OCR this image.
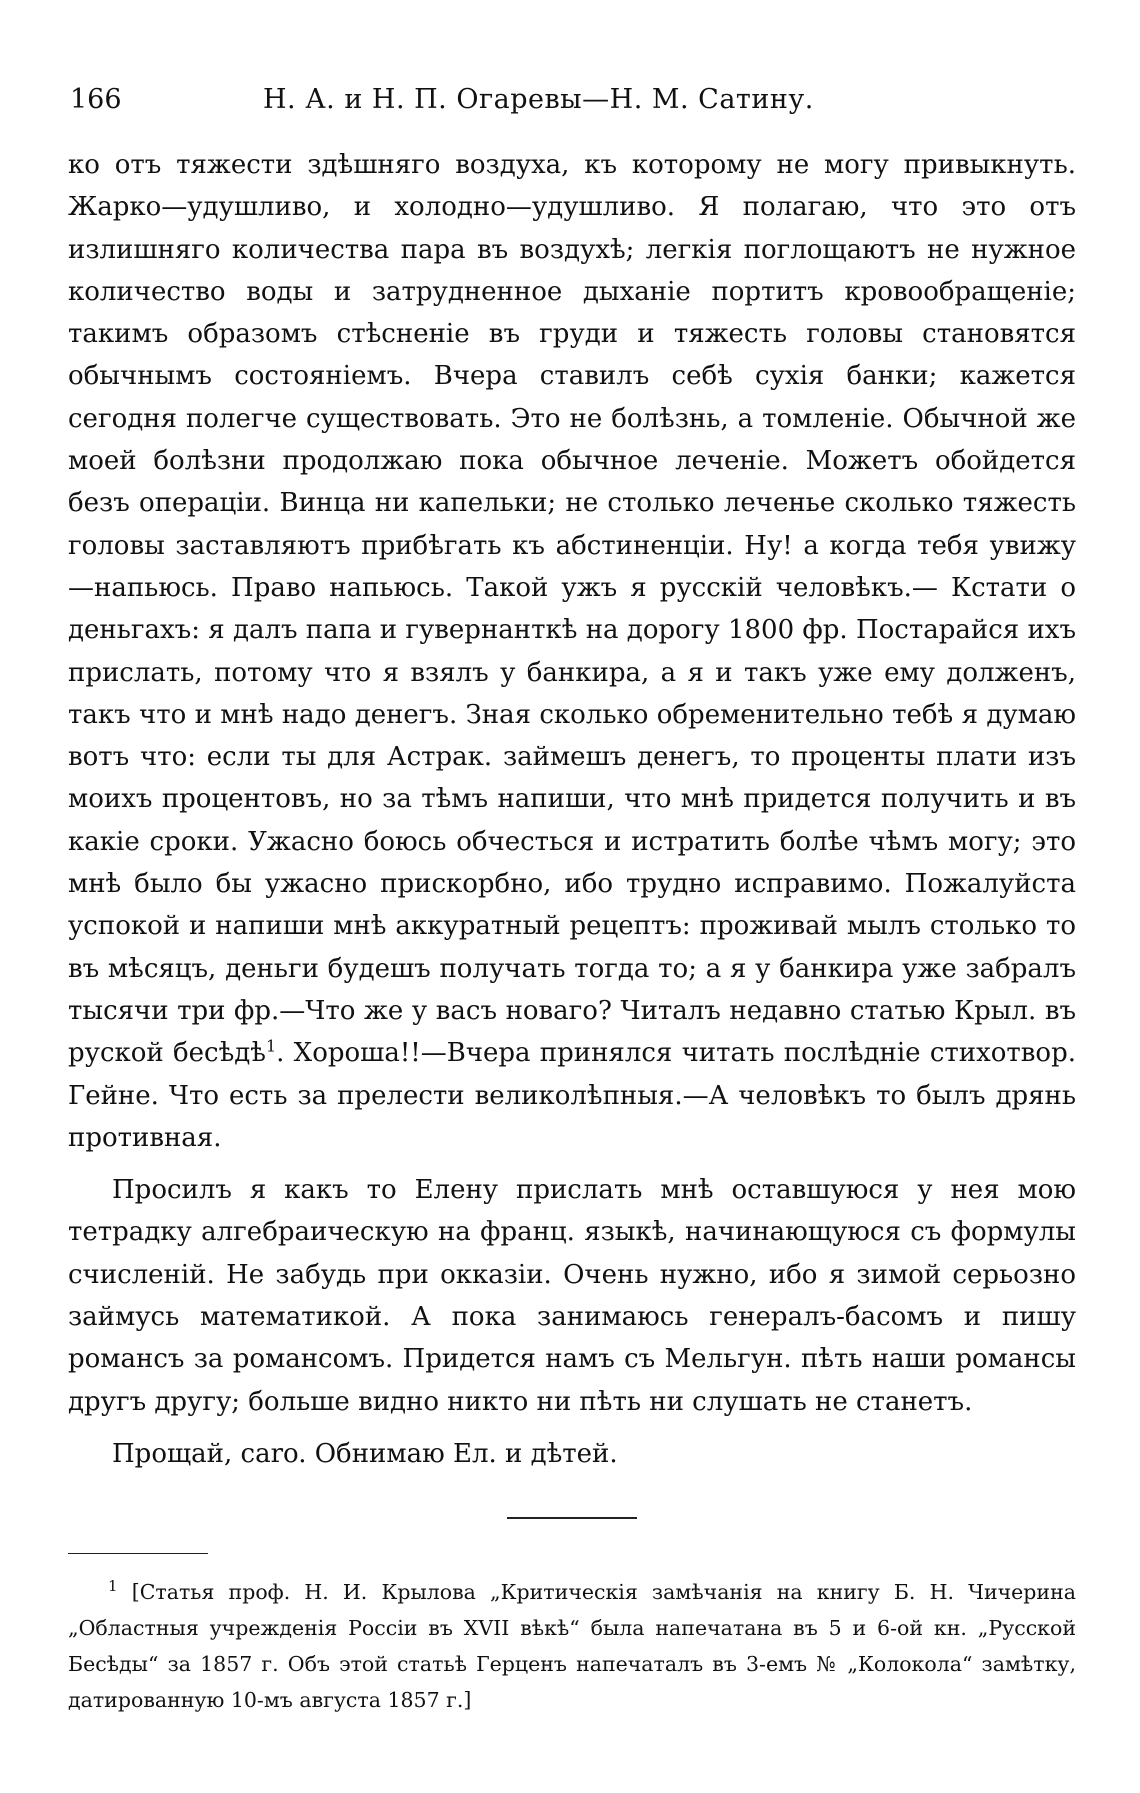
166	Н. А. и Н. П. Огаревы—Н. М. Сатину.

ко отъ тяжести здѣшняго воздуха, къ которому не могу привыкнуть. Жарко—удушливо, и холодно—удушливо. Я полагаю, что это отъ излишняго количества пара въ воздухѣ; легкія поглощаютъ не нужное количество воды и затрудненное дыханіе портитъ кровообращеніе; такимъ образомъ стѣсненіе въ груди и тяжесть головы становятся обычнымъ состояніемъ. Вчера ставилъ себѣ сухія банки; кажется сегодня полегче существовать. Это не болѣзнь, а томленіе. Обычной же моей болѣзни продолжаю пока обычное леченіе. Можетъ обойдется безъ операціи. Винца ни капельки; не столько леченье сколько тяжесть головы заставляютъ прибѣгать къ абстиненціи. Ну! а когда тебя увижу—напьюсь. Право напьюсь. Такой ужъ я русскій человѣкъ.— Кстати о деньгахъ: я далъ папа и гувернанткѣ на дорогу 1800 фр. Постарайся ихъ прислать, потому что я взялъ у банкира, а я и такъ уже ему долженъ, такъ что и мнѣ надо денегъ. Зная сколько обременительно тебѣ я думаю вотъ что: если ты для Астрак. займешъ денегъ, то проценты плати изъ моихъ процентовъ, но за тѣмъ напиши, что мнѣ придется получить и въ какіе сроки. Ужасно боюсь обчесться и истратить болѣе чѣмъ могу; это мнѣ было бы ужасно прискорбно, ибо трудно исправимо. Пожалуйста успокой и напиши мнѣ аккуратный рецептъ: проживай мылъ столько то въ мѣсяцъ, деньги будешъ получать тогда то; а я у банкира уже забралъ тысячи три фр.—Что же у васъ новаго? Читалъ недавно статью Крыл. въ руской бесѣдѣ$^1$. Хороша!!—Вчера принялся читать послѣдніе стихотвор. Гейне. Что есть за прелести великолѣпныя.—А человѣкъ то былъ дрянь противная.

Просилъ я какъ то Елену прислать мнѣ оставшуюся у нея мою тетрадку алгебраическую на франц. языкѣ, начинающуюся съ формулы счисленій. Не забудь при окказіи. Очень нужно, ибо я зимой серьозно займусь математикой. А пока занимаюсь генералъ-басомъ и пишу романсъ за романсомъ. Придется намъ съ Мельгун. пѣть наши романсы другъ другу; больше видно никто ни пѣть ни слушать не станетъ.

Прощай, caro. Обнимаю Ел. и дѣтей.

$^1$ [Статья проф. Н. И. Крылова „Критическія замѣчанія на книгу Б. Н. Чичерина „Областныя учрежденія Россіи въ XVII вѣкѣ“ была напечатана въ 5 и 6-ой кн. „Русской Бесѣды“ за 1857 г. Объ этой статьѣ Герценъ напечаталъ въ 3-емъ № „Колокола“ замѣтку, датированную 10-мъ августа 1857 г.]
